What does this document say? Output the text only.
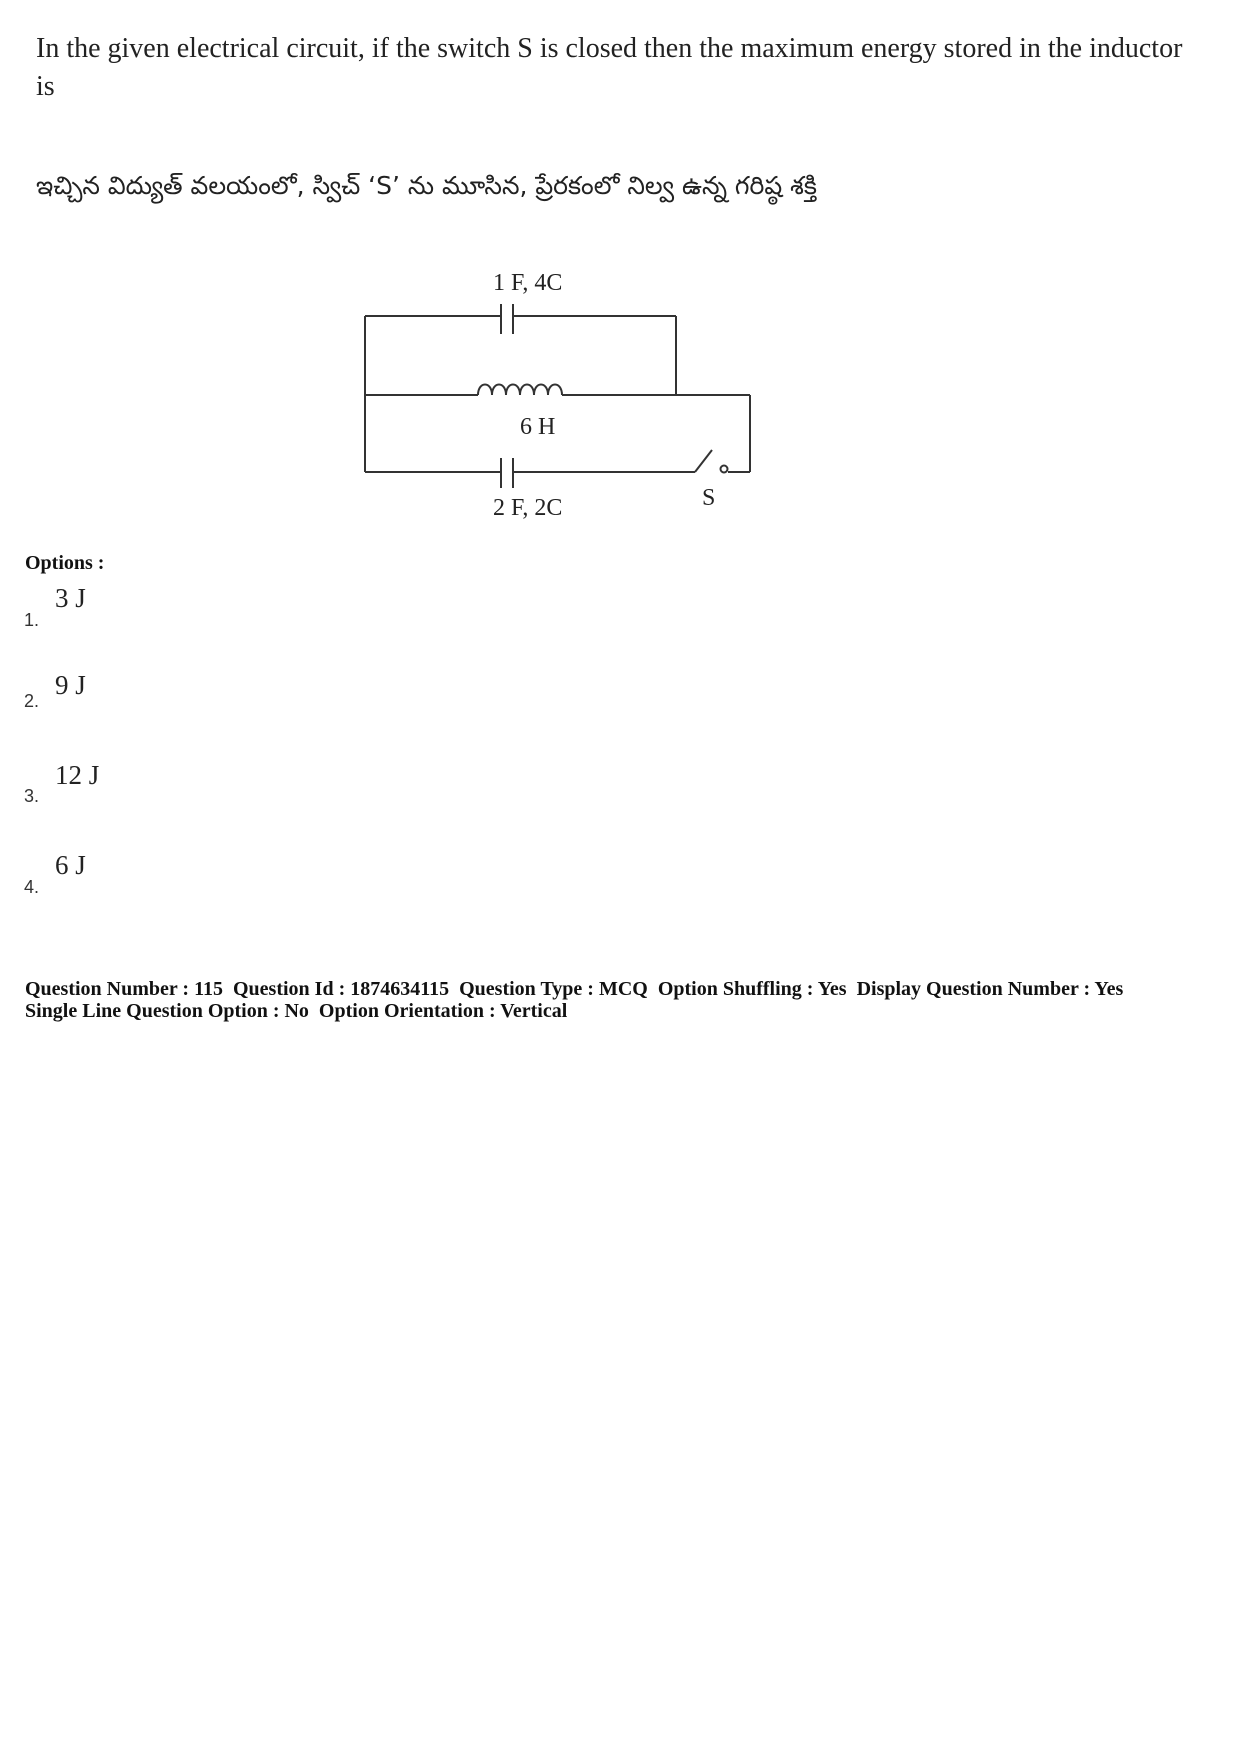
In the given electrical circuit, if the switch S is closed then the maximum energy stored in the inductor is
ఇచ్చిన విద్యుత్ వలయంలో, స్విచ్ ‘S’ ను మూసిన, ప్రేరకంలో నిల్వ ఉన్న గరిష్ఠ శక్తి
1 F, 4C
6 H
2 F, 2C	S
Options :
1.
3 J
2.
9 J
3.
12 J
4.
6 J
Question Number : 115  Question Id : 1874634115  Question Type : MCQ  Option Shuffling : Yes  Display Question Number : Yes
Single Line Question Option : No  Option Orientation : Vertical
